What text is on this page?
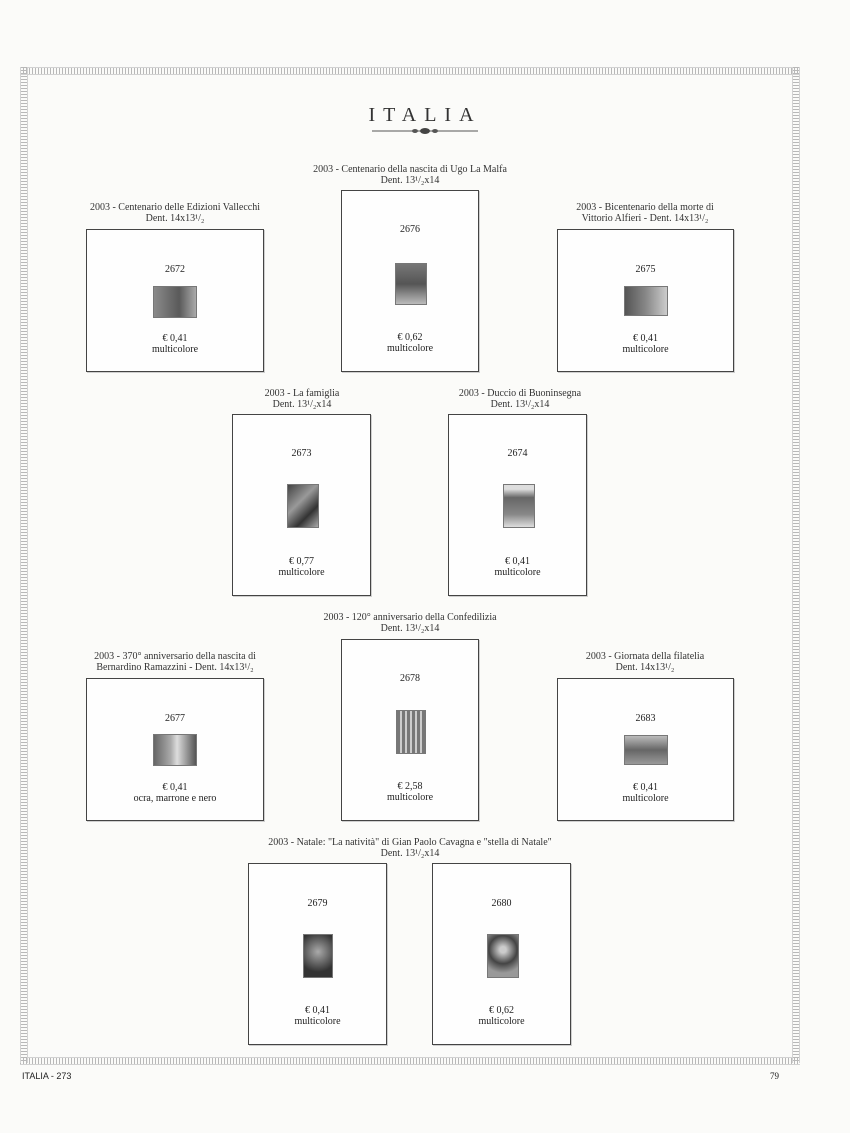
ITALIA
2003 - Centenario delle Edizioni Vallecchi
Dent. 14x13¹/₂
2672
€ 0,41
multicolore
2003 - Centenario della nascita di Ugo La Malfa
Dent. 13¹/₂x14
2676
€ 0,62
multicolore
2003 - Bicentenario della morte di
Vittorio Alfieri - Dent. 14x13¹/₂
2675
€ 0,41
multicolore
2003 - La famiglia
Dent. 13¹/₂x14
2673
€ 0,77
multicolore
2003 - Duccio di Buoninsegna
Dent. 13¹/₂x14
2674
€ 0,41
multicolore
2003 - 370° anniversario della nascita di
Bernardino Ramazzini - Dent. 14x13¹/₂
2677
€ 0,41
ocra, marrone e nero
2003 - 120° anniversario della Confedilizia
Dent. 13¹/₂x14
2678
€ 2,58
multicolore
2003 - Giornata della filatelia
Dent. 14x13¹/₂
2683
€ 0,41
multicolore
2003 - Natale: "La natività" di Gian Paolo Cavagna e "stella di Natale"
Dent. 13¹/₂x14
2679
€ 0,41
multicolore
2680
€ 0,62
multicolore
ITALIA - 273	79
